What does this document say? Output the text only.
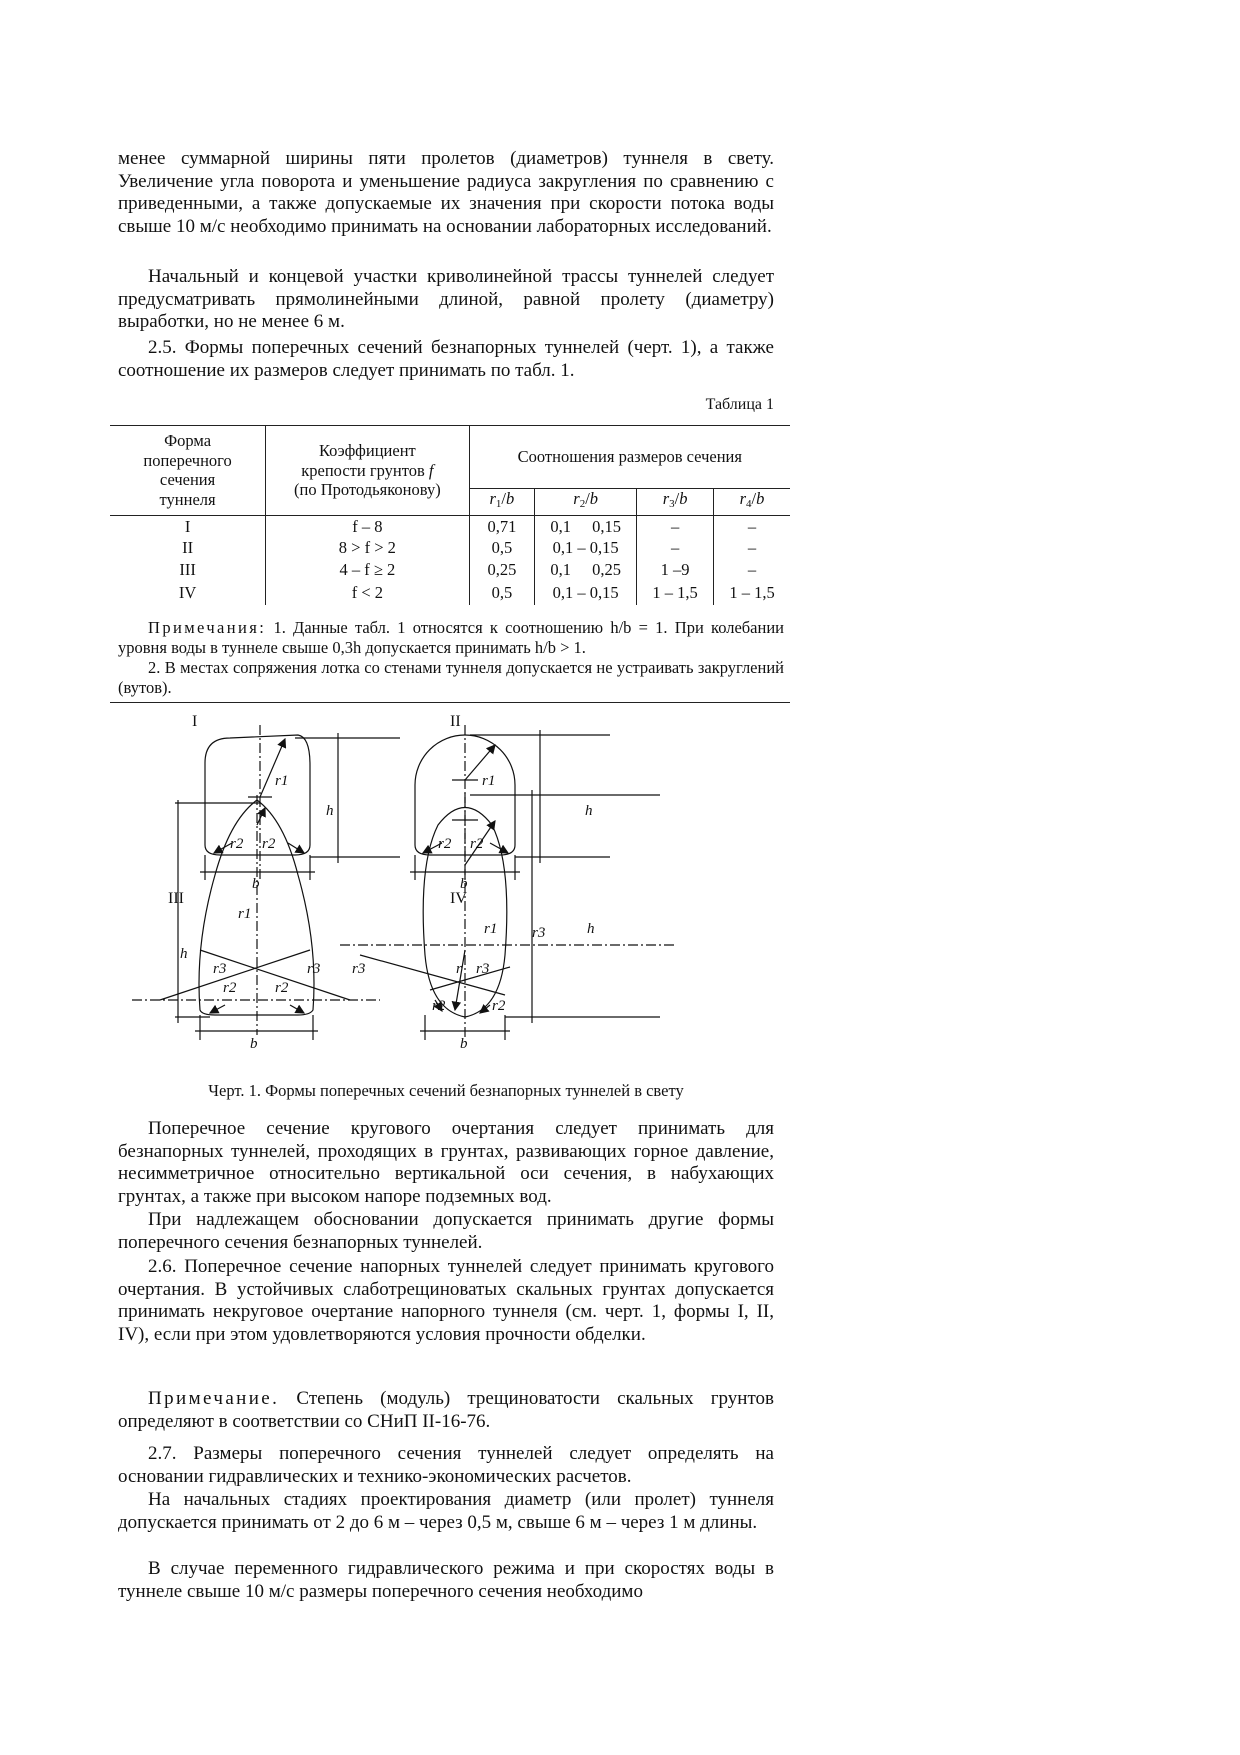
менее суммарной ширины пяти пролетов (диаметров) туннеля в свету. Увеличение угла поворота и уменьшение радиуса закругления по сравнению с приведенными, а также допускаемые их значения при скорости потока воды свыше 10 м/с необходимо принимать на основании лабораторных исследований.

Начальный и концевой участки криволинейной трассы туннелей следует предусматривать прямолинейными длиной, равной пролету (диаметру) выработки, но не менее 6 м.

2.5. Формы поперечных сечений безнапорных туннелей (черт. 1), а также соотношение их размеров следует принимать по табл. 1.

Таблица 1
Форма
поперечного
сечения
туннеля	Коэффициент
крепости грунтов f
(по Протодьяконову)	Соотношения размеров сечения			
		$r_1/b$	$r_2/b$	$r_3/b$	$r_4/b$
I	f – 8	0,71	0,1   0,15	–	–
II	8 > f > 2	0,5	0,1 – 0,15	–	–
III	4 – f ≥ 2	0,25	0,1   0,25	1 –9	–
IV	f < 2	0,5	0,1 – 0,15	1 – 1,5	1 – 1,5
Примечания: 1. Данные табл. 1 относятся к соотношению h/b = 1. При колебании уровня воды в туннеле свыше 0,3h допускается принимать h/b > 1.
2. В местах сопряжения лотка со стенами туннеля допускается не устраивать закруглений (вутов).
I	II
III	IV
r1
h
r2 r2
b
r1
h
r2 r2
b
r1
h
r3	r3
r2	r2
b
r3
r3
r1	h
r r3
r2	r2
b
Черт. 1. Формы поперечных сечений безнапорных туннелей в свету

Поперечное сечение кругового очертания следует принимать для безнапорных туннелей, проходящих в грунтах, развивающих горное давление, несимметричное относительно вертикальной оси сечения, в набухающих грунтах, а также при высоком напоре подземных вод.

При надлежащем обосновании допускается принимать другие формы поперечного сечения безнапорных туннелей.

2.6. Поперечное сечение напорных туннелей следует принимать кругового очертания. В устойчивых слаботрещиноватых скальных грунтах допускается принимать некруговое очертание напорного туннеля (см. черт. 1, формы I, II, IV), если при этом удовлетворяются условия прочности обделки.

Примечание. Степень (модуль) трещиноватости скальных грунтов определяют в соответствии со СНиП II-16-76.

2.7. Размеры поперечного сечения туннелей следует определять на основании гидравлических и технико-экономических расчетов.

На начальных стадиях проектирования диаметр (или пролет) туннеля допускается принимать от 2 до 6 м – через 0,5 м, свыше 6 м – через 1 м длины.

В случае переменного гидравлического режима и при скоростях воды в туннеле свыше 10 м/с размеры поперечного сечения необходимо
